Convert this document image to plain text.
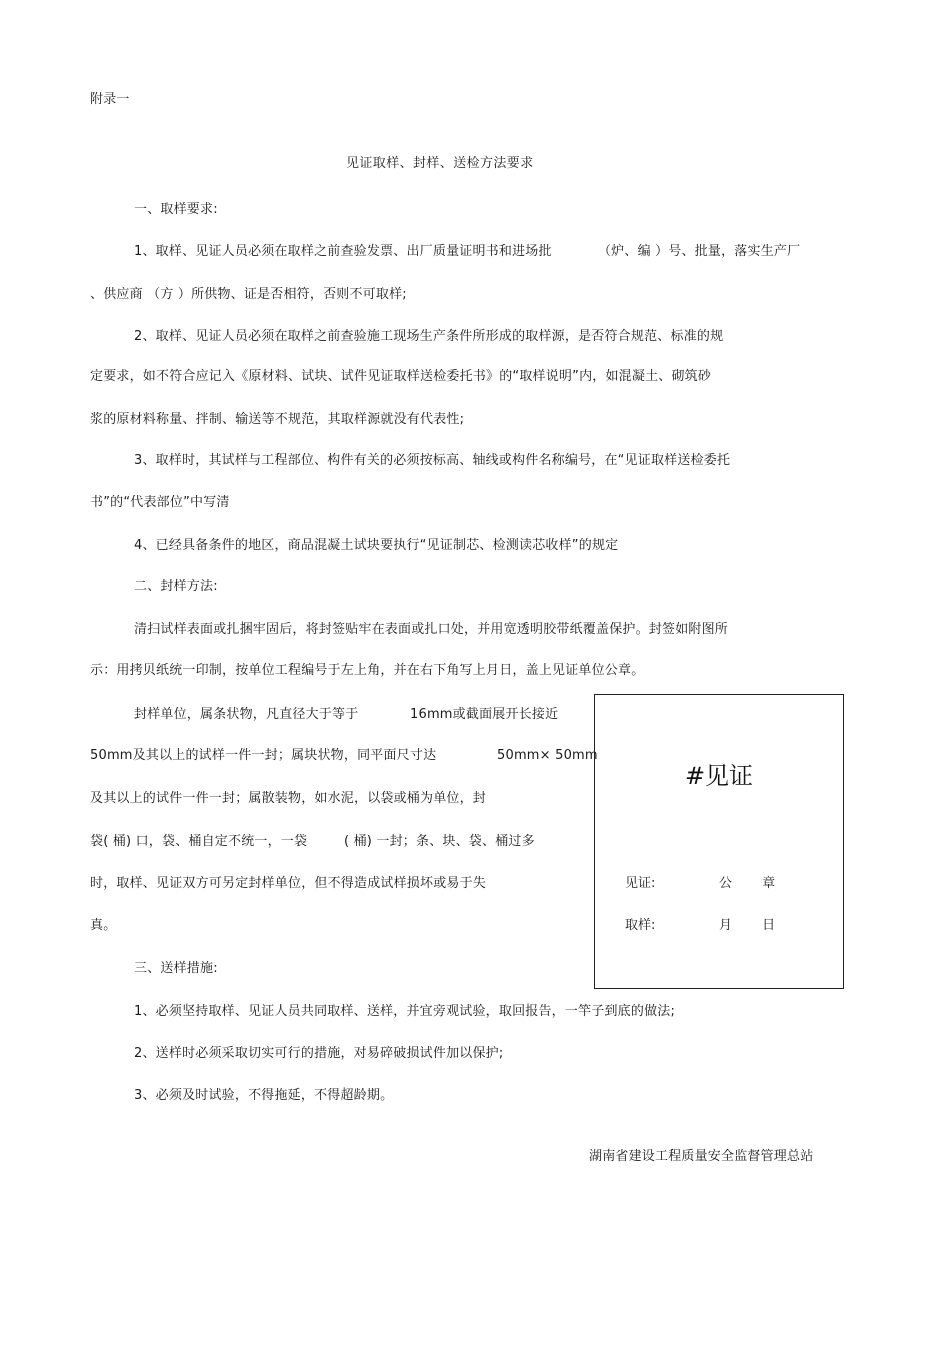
附录一
见证取样、封样、送检方法要求
一、取样要求:
1、取样、见证人员必须在取样之前查验发票、出厂质量证明书和进场批　　　　（炉、编 ）号、批量，落实生产厂
、供应商 （方 ）所供物、证是否相符，否则不可取样;
2、取样、见证人员必须在取样之前查验施工现场生产条件所形成的取样源，是否符合规范、标准的规
定要求，如不符合应记入《原材料、试块、试件见证取样送检委托书》的“取样说明”内，如混凝土、砌筑砂
浆的原材料称量、拌制、输送等不规范，其取样源就没有代表性;
3、取样时，其试样与工程部位、构件有关的必须按标高、轴线或构件名称编号，在“见证取样送检委托
书”的“代表部位”中写清
4、已经具备条件的地区，商品混凝土试块要执行“见证制芯、检测读芯收样”的规定
二、封样方法:
清扫试样表面或扎捆牢固后，将封签贴牢在表面或扎口处，并用宽透明胶带纸覆盖保护。封签如附图所
示：用拷贝纸统一印制，按单位工程编号于左上角，并在右下角写上月日，盖上见证单位公章。
封样单位，属条状物，凡直径大于等于	16mm或截面展开长接近
50mm及其以上的试样一件一封；属块状物，同平面尺寸达	50mm× 50mm
及其以上的试件一件一封；属散装物，如水泥，以袋或桶为单位，封
袋( 桶) 口，袋、桶自定不统一，一袋	( 桶) 一封；条、块、袋、桶过多
时，取样、见证双方可另定封样单位，但不得造成试样损坏或易于失
真。
#见证
见证:	公 章
取样:	月 日
三、送样措施:
1、必须坚持取样、见证人员共同取样、送样，并宜旁观试验，取回报告，一竿子到底的做法;
2、送样时必须采取切实可行的措施，对易碎破损试件加以保护;
3、必须及时试验，不得拖延，不得超龄期。
湖南省建设工程质量安全监督管理总站
